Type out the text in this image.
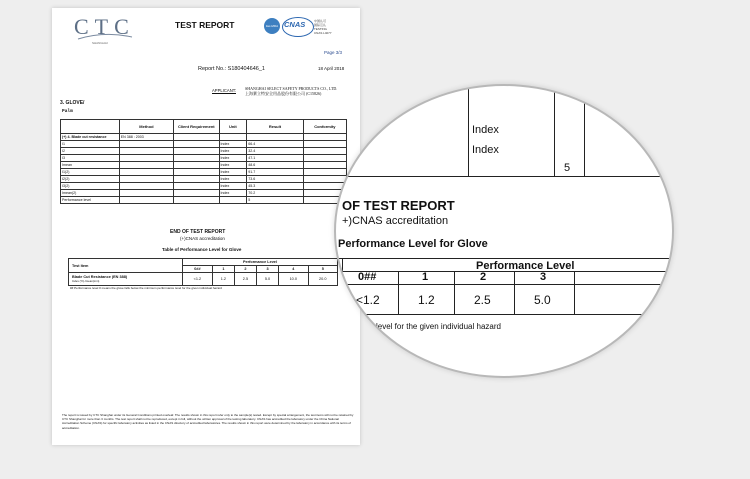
CTC
SHANGHAI
TEST REPORT	ilac-MRA CNAS	中国认可
国际互认
TESTING
CNAS L4077
Page 3/3
Report No.: S180404646_1	18 April 2018
APPLICANT: SHANGHAI SELECT SAFETY PRODUCTS CO., LTD.
上海赛立特安全用品股份有限公司 (C15826)
3. GLOVE/
Palm
	Method	Client Requirement	Unit	Result	Conformity
(+) 4. Blade cut resistance	EN 388 : 2003				
I1			Index	66.4	
I2			Index	32.4	
I3			Index	47.1	
Imean			Index	48.6	
I1(2)			Index	91.7	
I2(2)			Index	73.6	
I3(2)			Index	45.3	
Imean(2)			Index	70.2	
Performance level				5	
END OF TEST REPORT
(+)CNAS accreditation
Table of Performance Level for Glove
Test Item	Performance Level					
	0##	1	2	3	4	5
Blade Cut Resistance (EN 388)
Index (Yt)-Imean(mm)	<1.2	1.2	2.5	5.0	10.0	20.0
## Performance level 0 means the glove falls below the minimum performance level for the given individual hazard
The report is issued by CTC Shanghai under its General Conditions printed overleaf. The results shown in this report refer only to the sample(s) tested. Except by special arrangement, the test items will not be retained by CTC Shanghai for more than 3 months. The test report shall not be reproduced, except in full, without the written approval of the testing laboratory. CNAS has accredited the laboratory under the China National Accreditation Scheme (CNAS) for specific laboratory activities as listed in the CNAS directory of accredited laboratories. The results shown in this report were determined by the laboratory in accordance with its terms of accreditation.
Index
Index
5
OF TEST REPORT
+)CNAS accreditation
Performance Level for Glove
Performance Level
0##	1	2	3
<1.2	1.2	2.5	5.0
level for the given individual hazard
